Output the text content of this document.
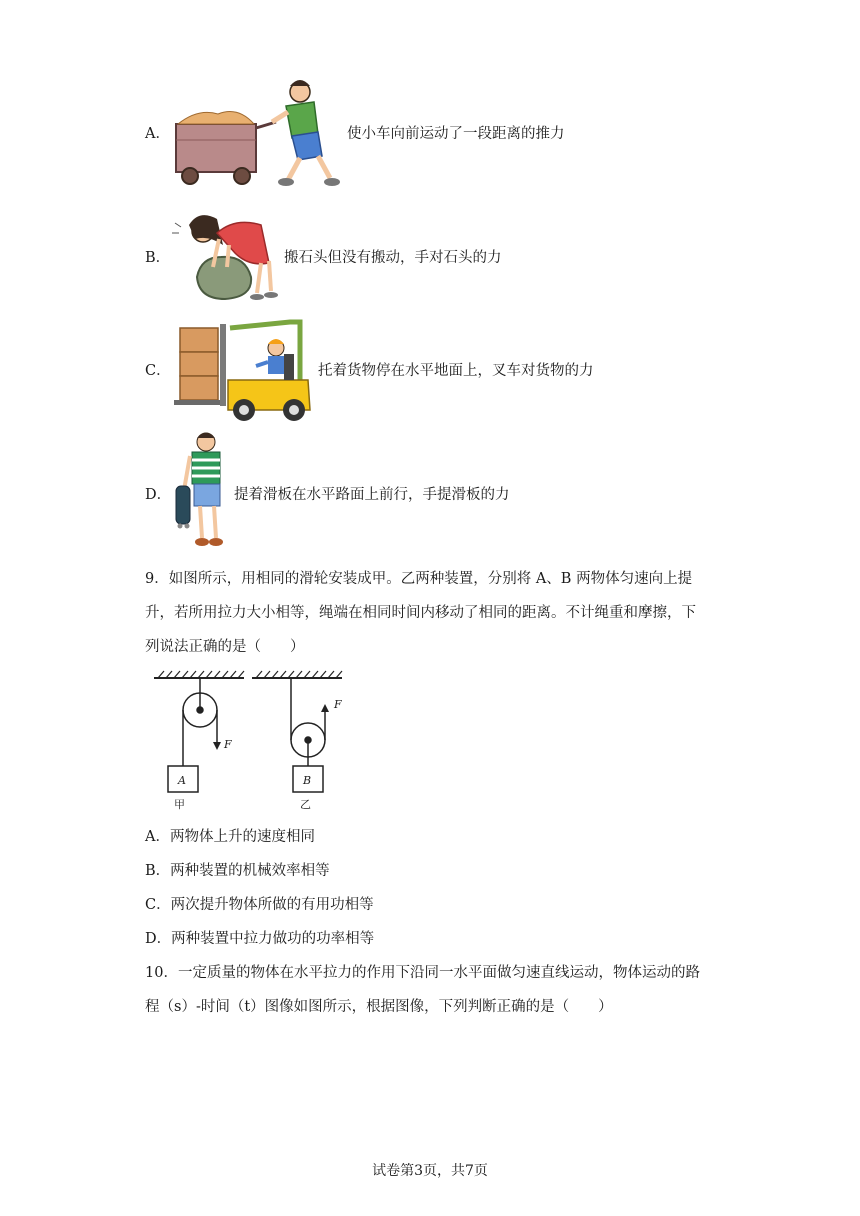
A．	使小车向前运动了一段距离的推力
B．	搬石头但没有搬动，手对石头的力
C．	托着货物停在水平地面上，叉车对货物的力
D．	提着滑板在水平路面上前行，手提滑板的力
9．如图所示，用相同的滑轮安装成甲。乙两种装置，分别将 A、B 两物体匀速向上提
升，若所用拉力大小相等，绳端在相同时间内移动了相同的距离。不计绳重和摩擦，下
列说法正确的是（　　）
A
F
甲
B
F
乙
A．两物体上升的速度相同
B．两种装置的机械效率相等
C．两次提升物体所做的有用功相等
D．两种装置中拉力做功的功率相等
10．一定质量的物体在水平拉力的作用下沿同一水平面做匀速直线运动，物体运动的路
程（s）-时间（t）图像如图所示，根据图像，下列判断正确的是（　　）
试卷第3页，共7页
